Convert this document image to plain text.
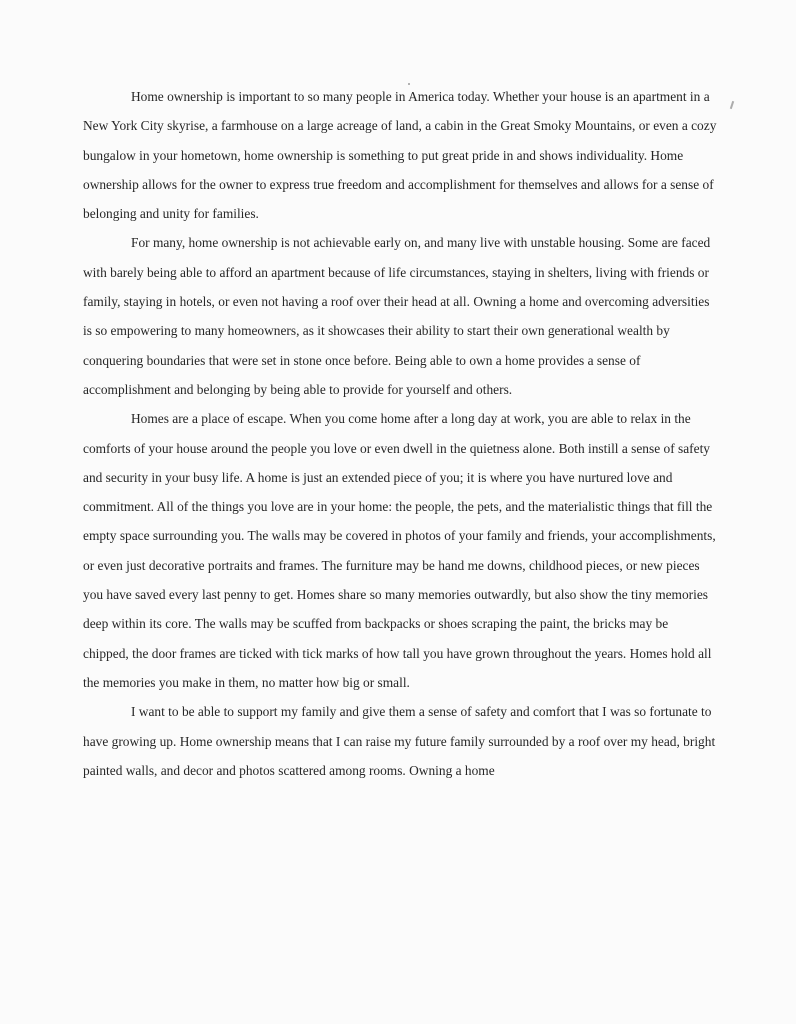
Home ownership is important to so many people in America today. Whether your house is an apartment in a New York City skyrise, a farmhouse on a large acreage of land, a cabin in the Great Smoky Mountains, or even a cozy bungalow in your hometown, home ownership is something to put great pride in and shows individuality. Home ownership allows for the owner to express true freedom and accomplishment for themselves and allows for a sense of belonging and unity for families.

For many, home ownership is not achievable early on, and many live with unstable housing. Some are faced with barely being able to afford an apartment because of life circumstances, staying in shelters, living with friends or family, staying in hotels, or even not having a roof over their head at all. Owning a home and overcoming adversities is so empowering to many homeowners, as it showcases their ability to start their own generational wealth by conquering boundaries that were set in stone once before. Being able to own a home provides a sense of accomplishment and belonging by being able to provide for yourself and others.

Homes are a place of escape. When you come home after a long day at work, you are able to relax in the comforts of your house around the people you love or even dwell in the quietness alone. Both instill a sense of safety and security in your busy life. A home is just an extended piece of you; it is where you have nurtured love and commitment. All of the things you love are in your home: the people, the pets, and the materialistic things that fill the empty space surrounding you. The walls may be covered in photos of your family and friends, your accomplishments, or even just decorative portraits and frames. The furniture may be hand me downs, childhood pieces, or new pieces you have saved every last penny to get. Homes share so many memories outwardly, but also show the tiny memories deep within its core. The walls may be scuffed from backpacks or shoes scraping the paint, the bricks may be chipped, the door frames are ticked with tick marks of how tall you have grown throughout the years. Homes hold all the memories you make in them, no matter how big or small.

I want to be able to support my family and give them a sense of safety and comfort that I was so fortunate to have growing up. Home ownership means that I can raise my future family surrounded by a roof over my head, bright painted walls, and decor and photos scattered among rooms. Owning a home
